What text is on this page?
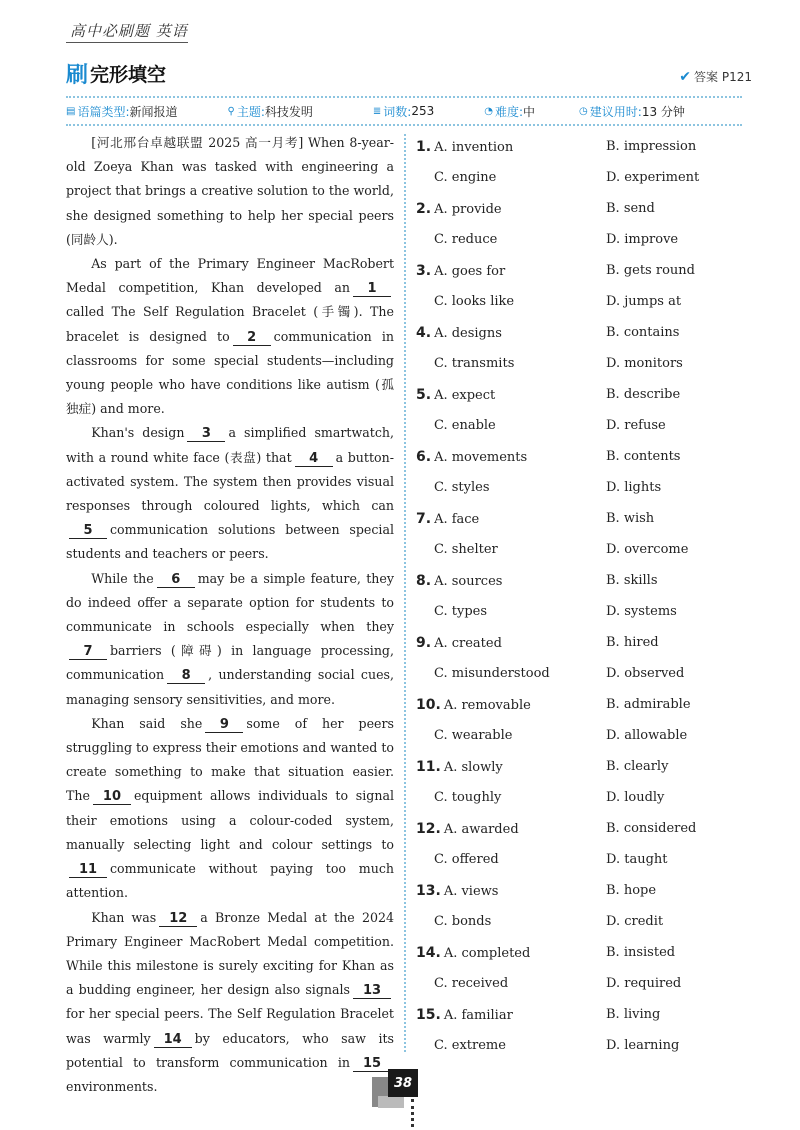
高中必刷题 英语
刷 完形填空	✔ 答案 P121
▤ 语篇类型: 新闻报道	⚲ 主题: 科技发明	≣ 词数: 253	◔ 难度: 中	◷ 建议用时: 13 分钟

[河北邢台卓越联盟 2025 高一月考] When 8-year-old Zoeya Khan was tasked with engineering a project that brings a creative solution to the world, she designed something to help her special peers (同龄人).

As part of the Primary Engineer MacRobert Medal competition, Khan developed an 1called The Self Regulation Bracelet (手镯). The bracelet is designed to 2 communication in classrooms for some special students—including young people who have conditions like autism (孤独症) and more.

Khan's design 3 a simplified smartwatch, with a round white face (表盘) that 4 a button-activated system. The system then provides visual responses through coloured lights, which can5 communication solutions between special students and teachers or peers.

While the 6 may be a simple feature, they do indeed offer a separate option for students to communicate in schools especially when they7 barriers (障碍) in language processing, communication 8 , understanding social cues, managing sensory sensitivities, and more.

Khan said she 9 some of her peers struggling to express their emotions and wanted to create something to make that situation easier. The 10 equipment allows individuals to signal their emotions using a colour-coded system, manually selecting light and colour settings to11 communicate without paying too much attention.

Khan was 12 a Bronze Medal at the 2024 Primary Engineer MacRobert Medal competition. While this milestone is surely exciting for Khan as a budding engineer, her design also signals 13for her special peers. The Self Regulation Bracelet was warmly 14 by educators, who saw its potential to transform communication in 15environments.

1. A. invention	B. impression
C. engine	D. experiment
2. A. provide	B. send
C. reduce	D. improve
3. A. goes for	B. gets round
C. looks like	D. jumps at
4. A. designs	B. contains
C. transmits	D. monitors
5. A. expect	B. describe
C. enable	D. refuse
6. A. movements	B. contents
C. styles	D. lights
7. A. face	B. wish
C. shelter	D. overcome
8. A. sources	B. skills
C. types	D. systems
9. A. created	B. hired
C. misunderstood	D. observed
10. A. removable	B. admirable
C. wearable	D. allowable
11. A. slowly	B. clearly
C. toughly	D. loudly
12. A. awarded	B. considered
C. offered	D. taught
13. A. views	B. hope
C. bonds	D. credit
14. A. completed	B. insisted
C. received	D. required
15. A. familiar	B. living
C. extreme	D. learning
38
